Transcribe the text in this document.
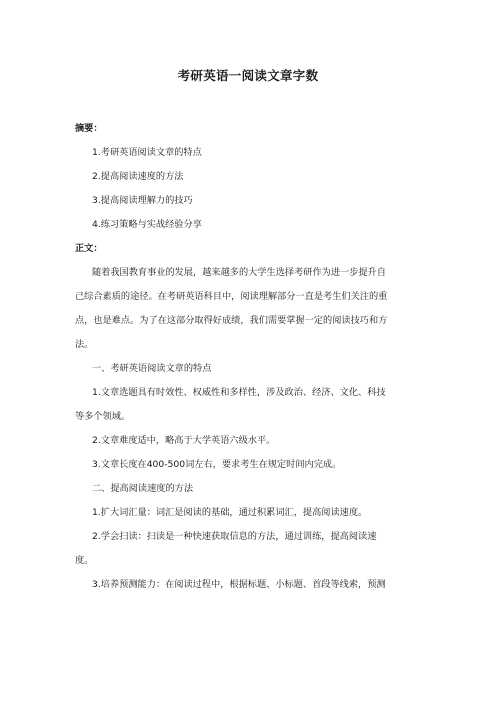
考研英语一阅读文章字数
摘要：
1.考研英语阅读文章的特点
2.提高阅读速度的方法
3.提高阅读理解力的技巧
4.练习策略与实战经验分享
正文：
随着我国教育事业的发展，越来越多的大学生选择考研作为进一步提升自
己综合素质的途径。在考研英语科目中，阅读理解部分一直是考生们关注的重
点，也是难点。为了在这部分取得好成绩，我们需要掌握一定的阅读技巧和方
法。
一、考研英语阅读文章的特点
1.文章选题具有时效性、权威性和多样性，涉及政治、经济、文化、科技
等多个领域。
2.文章难度适中，略高于大学英语六级水平。
3.文章长度在400-500词左右，要求考生在规定时间内完成。
二、提高阅读速度的方法
1.扩大词汇量：词汇是阅读的基础，通过积累词汇，提高阅读速度。
2.学会扫读：扫读是一种快速获取信息的方法，通过训练，提高阅读速
度。
3.培养预测能力：在阅读过程中，根据标题、小标题、首段等线索，预测
